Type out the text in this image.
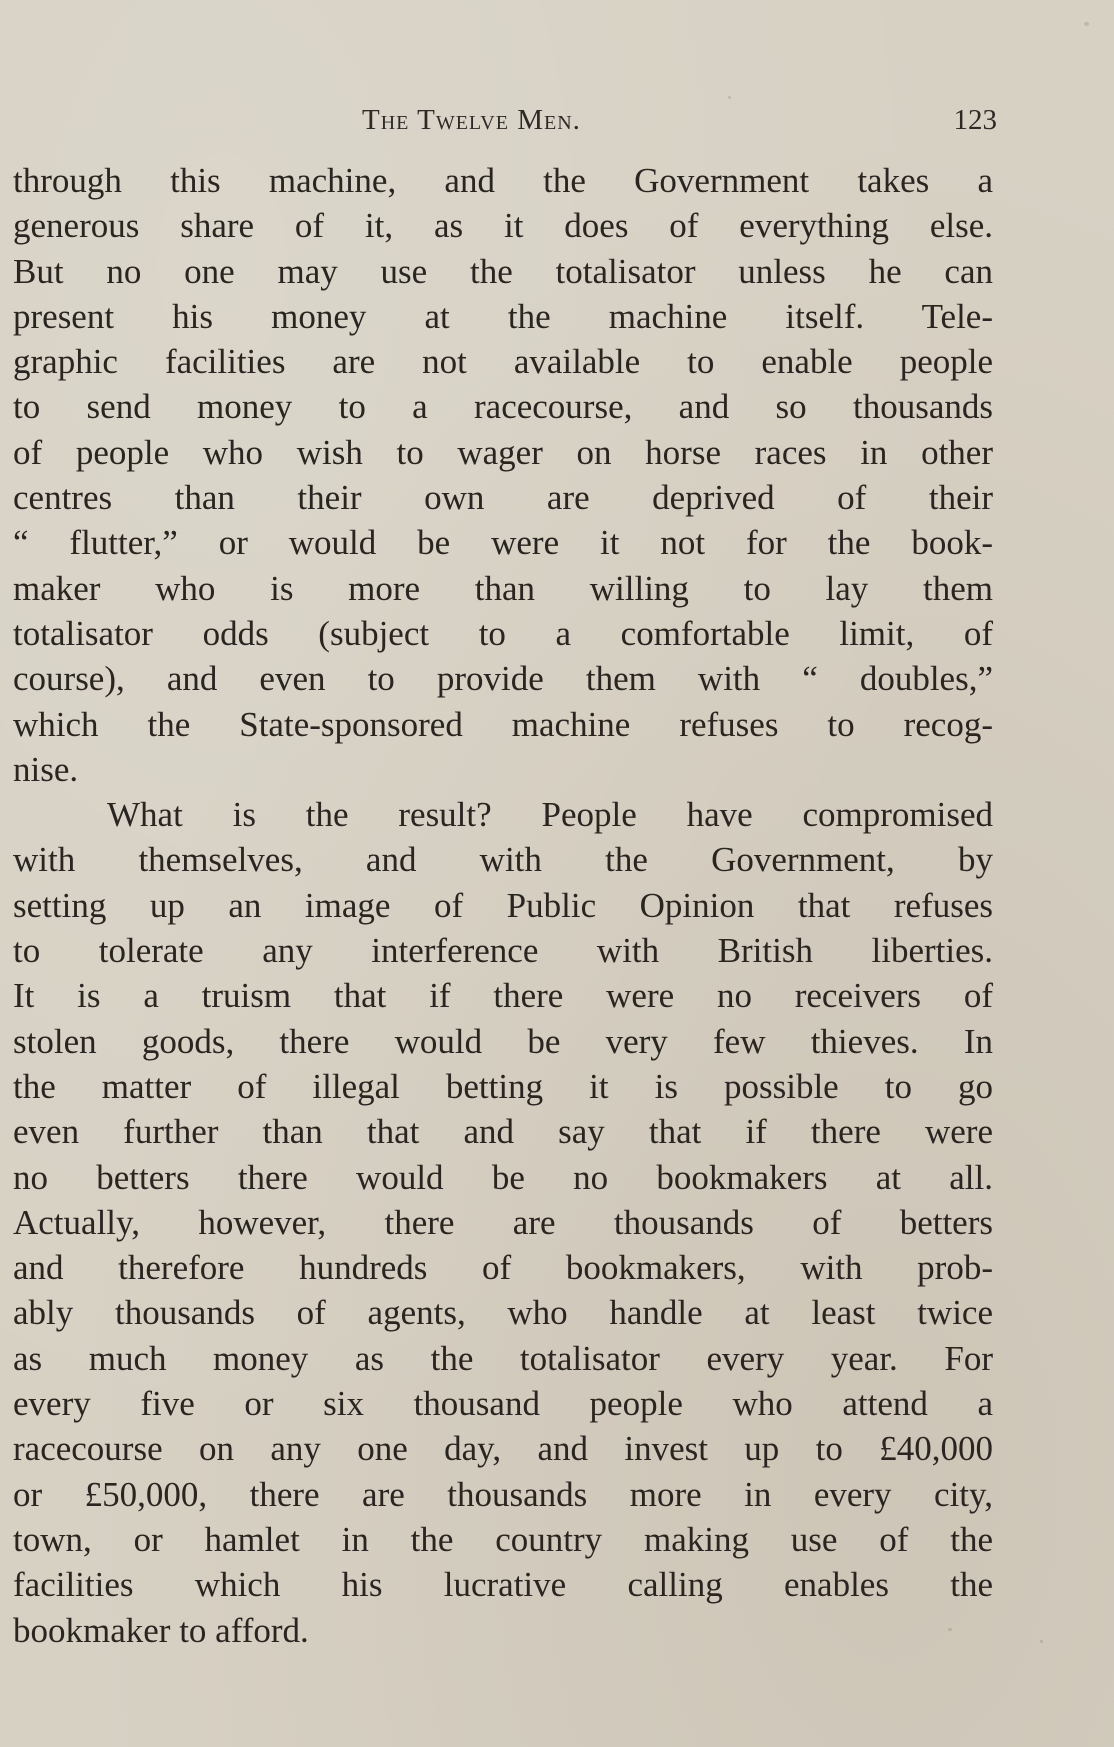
The Twelve Men.	123
through this machine, and the Government takes a
generous share of it, as it does of everything else.
But no one may use the totalisator unless he can
present his money at the machine itself. Tele-
graphic facilities are not available to enable people
to send money to a racecourse, and so thousands
of people who wish to wager on horse races in other
centres than their own are deprived of their
“ flutter,” or would be were it not for the book-
maker who is more than willing to lay them
totalisator odds (subject to a comfortable limit, of
course), and even to provide them with “ doubles,”
which the State-sponsored machine refuses to recog-
nise.
What is the result? People have compromised
with themselves, and with the Government, by
setting up an image of Public Opinion that refuses
to tolerate any interference with British liberties.
It is a truism that if there were no receivers of
stolen goods, there would be very few thieves. In
the matter of illegal betting it is possible to go
even further than that and say that if there were
no betters there would be no bookmakers at all.
Actually, however, there are thousands of betters
and therefore hundreds of bookmakers, with prob-
ably thousands of agents, who handle at least twice
as much money as the totalisator every year. For
every five or six thousand people who attend a
racecourse on any one day, and invest up to £40,000
or £50,000, there are thousands more in every city,
town, or hamlet in the country making use of the
facilities which his lucrative calling enables the
bookmaker to afford.
